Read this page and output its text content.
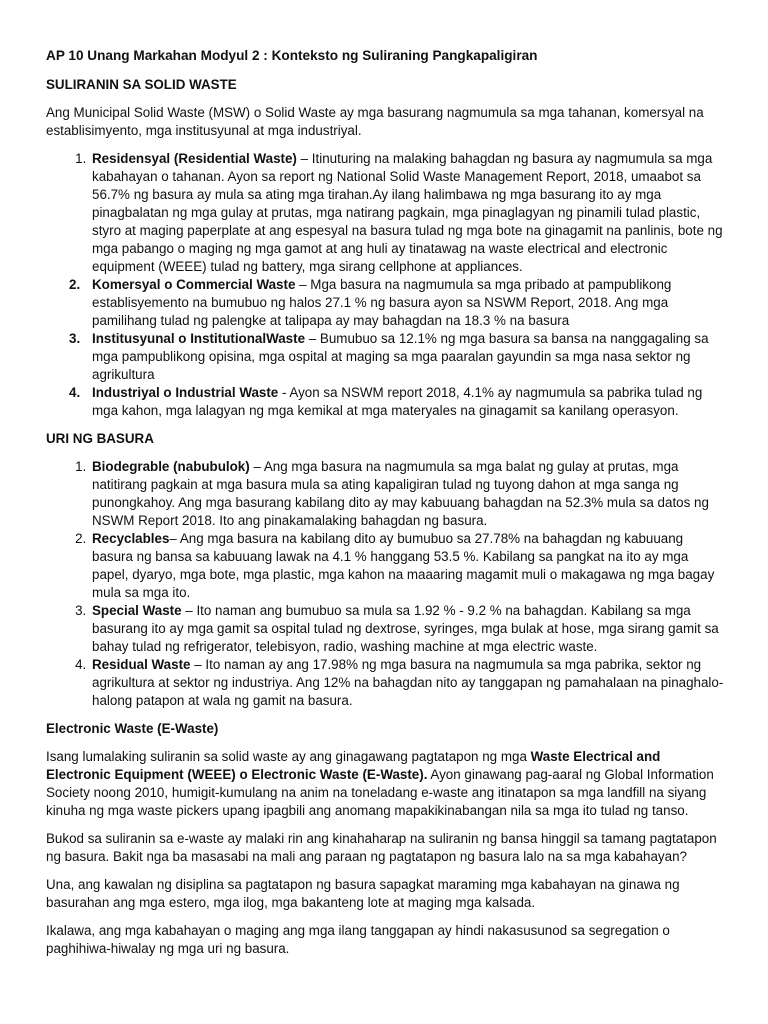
AP 10 Unang Markahan Modyul 2 : Konteksto ng Suliraning Pangkapaligiran
SULIRANIN SA SOLID WASTE

Ang Municipal Solid Waste (MSW) o Solid Waste ay mga basurang nagmumula sa mga tahanan, komersyal na establisimyento, mga institusyunal at mga industriyal.

1. Residensyal (Residential Waste) – Itinuturing na malaking bahagdan ng basura ay nagmumula sa mga kabahayan o tahanan. Ayon sa report ng National Solid Waste Management Report, 2018, umaabot sa 56.7% ng basura ay mula sa ating mga tirahan.Ay ilang halimbawa ng mga basurang ito ay mga pinagbalatan ng mga gulay at prutas, mga natirang pagkain, mga pinaglagyan ng pinamili tulad plastic, styro at maging paperplate at ang espesyal na basura tulad ng mga bote na ginagamit na panlinis, bote ng mga pabango o maging ng mga gamot at ang huli ay tinatawag na waste electrical and electronic equipment (WEEE) tulad ng battery, mga sirang cellphone at appliances.
2. Komersyal o Commercial Waste – Mga basura na nagmumula sa mga pribado at pampublikong establisyemento na bumubuo ng halos 27.1 % ng basura ayon sa NSWM Report, 2018. Ang mga pamilihang tulad ng palengke at talipapa ay may bahagdan na 18.3 % na basura
3. Institusyunal o InstitutionalWaste – Bumubuo sa 12.1% ng mga basura sa bansa na nanggagaling sa mga pampublikong opisina, mga ospital at maging sa mga paaralan gayundin sa mga nasa sektor ng agrikultura
4. Industriyal o Industrial Waste - Ayon sa NSWM report 2018, 4.1% ay nagmumula sa pabrika tulad ng mga kahon, mga lalagyan ng mga kemikal at mga materyales na ginagamit sa kanilang operasyon.
URI NG BASURA
1. Biodegrable (nabubulok) – Ang mga basura na nagmumula sa mga balat ng gulay at prutas, mga natitirang pagkain at mga basura mula sa ating kapaligiran tulad ng tuyong dahon at mga sanga ng punongkahoy. Ang mga basurang kabilang dito ay may kabuuang bahagdan na 52.3% mula sa datos ng NSWM Report 2018. Ito ang pinakamalaking bahagdan ng basura.
2. Recyclables– Ang mga basura na kabilang dito ay bumubuo sa 27.78% na bahagdan ng kabuuang basura ng bansa sa kabuuang lawak na 4.1 % hanggang 53.5 %. Kabilang sa pangkat na ito ay mga papel, dyaryo, mga bote, mga plastic, mga kahon na maaaring magamit muli o makagawa ng mga bagay mula sa mga ito.
3. Special Waste – Ito naman ang bumubuo sa mula sa 1.92 % - 9.2 % na bahagdan. Kabilang sa mga basurang ito ay mga gamit sa ospital tulad ng dextrose, syringes, mga bulak at hose, mga sirang gamit sa bahay tulad ng refrigerator, telebisyon, radio, washing machine at mga electric waste.
4. Residual Waste – Ito naman ay ang 17.98% ng mga basura na nagmumula sa mga pabrika, sektor ng agrikultura at sektor ng industriya. Ang 12% na bahagdan nito ay tanggapan ng pamahalaan na pinaghalo-halong patapon at wala ng gamit na basura.
Electronic Waste (E-Waste)

Isang lumalaking suliranin sa solid waste ay ang ginagawang pagtatapon ng mga Waste Electrical and Electronic Equipment (WEEE) o Electronic Waste (E-Waste). Ayon ginawang pag-aaral ng Global Information Society noong 2010, humigit-kumulang na anim na toneladang e-waste ang itinatapon sa mga landfill na siyang kinuha ng mga waste pickers upang ipagbili ang anomang mapakikinabangan nila sa mga ito tulad ng tanso.

Bukod sa suliranin sa e-waste ay malaki rin ang kinahaharap na suliranin ng bansa hinggil sa tamang pagtatapon ng basura. Bakit nga ba masasabi na mali ang paraan ng pagtatapon ng basura lalo na sa mga kabahayan?

Una, ang kawalan ng disiplina sa pagtatapon ng basura sapagkat maraming mga kabahayan na ginawa ng basurahan ang mga estero, mga ilog, mga bakanteng lote at maging mga kalsada.

Ikalawa, ang mga kabahayan o maging ang mga ilang tanggapan ay hindi nakasusunod sa segregation o paghihiwa-hiwalay ng mga uri ng basura.
